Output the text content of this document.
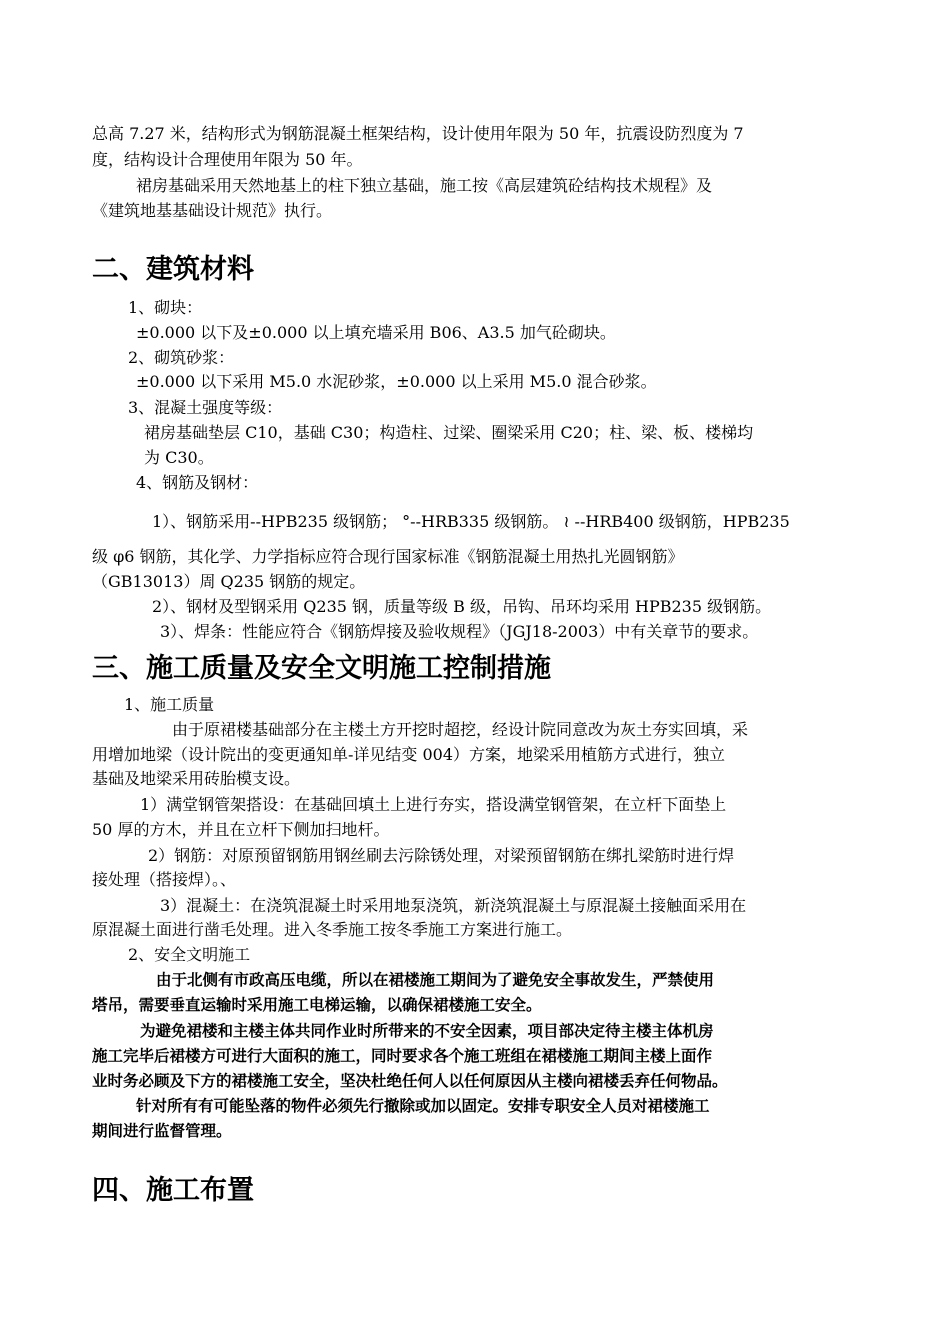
总高 7.27 米，结构形式为钢筋混凝土框架结构，设计使用年限为 50 年，抗震设防烈度为 7
度，结构设计合理使用年限为 50 年。
裙房基础采用天然地基上的柱下独立基础，施工按《高层建筑砼结构技术规程》及
《建筑地基基础设计规范》执行。
二、建筑材料
1、砌块：
±0.000 以下及±0.000 以上填充墙采用 B06、A3.5 加气砼砌块。
2、砌筑砂浆：
±0.000 以下采用 M5.0 水泥砂浆，±0.000 以上采用 M5.0 混合砂浆。
3、混凝土强度等级：
裙房基础垫层 C10，基础 C30；构造柱、过梁、圈梁采用 C20；柱、梁、板、楼梯均
为 C30。
4、钢筋及钢材：
1）、钢筋采用--HPB235 级钢筋； °--HRB335 级钢筋。 ≀ --HRB400 级钢筋，HPB235
级 φ6 钢筋，其化学、力学指标应符合现行国家标准《钢筋混凝土用热扎光圆钢筋》
（GB13013）周 Q235 钢筋的规定。
2）、钢材及型钢采用 Q235 钢，质量等级 B 级，吊钩、吊环均采用 HPB235 级钢筋。
3）、焊条：性能应符合《钢筋焊接及验收规程》（JGJ18-2003）中有关章节的要求。
三、施工质量及安全文明施工控制措施
1、施工质量
由于原裙楼基础部分在主楼土方开挖时超挖，经设计院同意改为灰土夯实回填，采
用增加地梁（设计院出的变更通知单-详见结变 004）方案，地梁采用植筋方式进行，独立
基础及地梁采用砖胎模支设。
1）满堂钢管架搭设：在基础回填土上进行夯实，搭设满堂钢管架，在立杆下面垫上
50 厚的方木，并且在立杆下侧加扫地杆。
2）钢筋：对原预留钢筋用钢丝刷去污除锈处理，对梁预留钢筋在绑扎梁筋时进行焊
接处理（搭接焊）。、
3）混凝土：在浇筑混凝土时采用地泵浇筑，新浇筑混凝土与原混凝土接触面采用在
原混凝土面进行凿毛处理。进入冬季施工按冬季施工方案进行施工。
2、安全文明施工
由于北侧有市政高压电缆，所以在裙楼施工期间为了避免安全事故发生，严禁使用
塔吊，需要垂直运输时采用施工电梯运输，以确保裙楼施工安全。
为避免裙楼和主楼主体共同作业时所带来的不安全因素，项目部决定待主楼主体机房
施工完毕后裙楼方可进行大面积的施工，同时要求各个施工班组在裙楼施工期间主楼上面作
业时务必顾及下方的裙楼施工安全，坚决杜绝任何人以任何原因从主楼向裙楼丢弃任何物品。
针对所有有可能坠落的物件必须先行撤除或加以固定。安排专职安全人员对裙楼施工
期间进行监督管理。
四、施工布置
